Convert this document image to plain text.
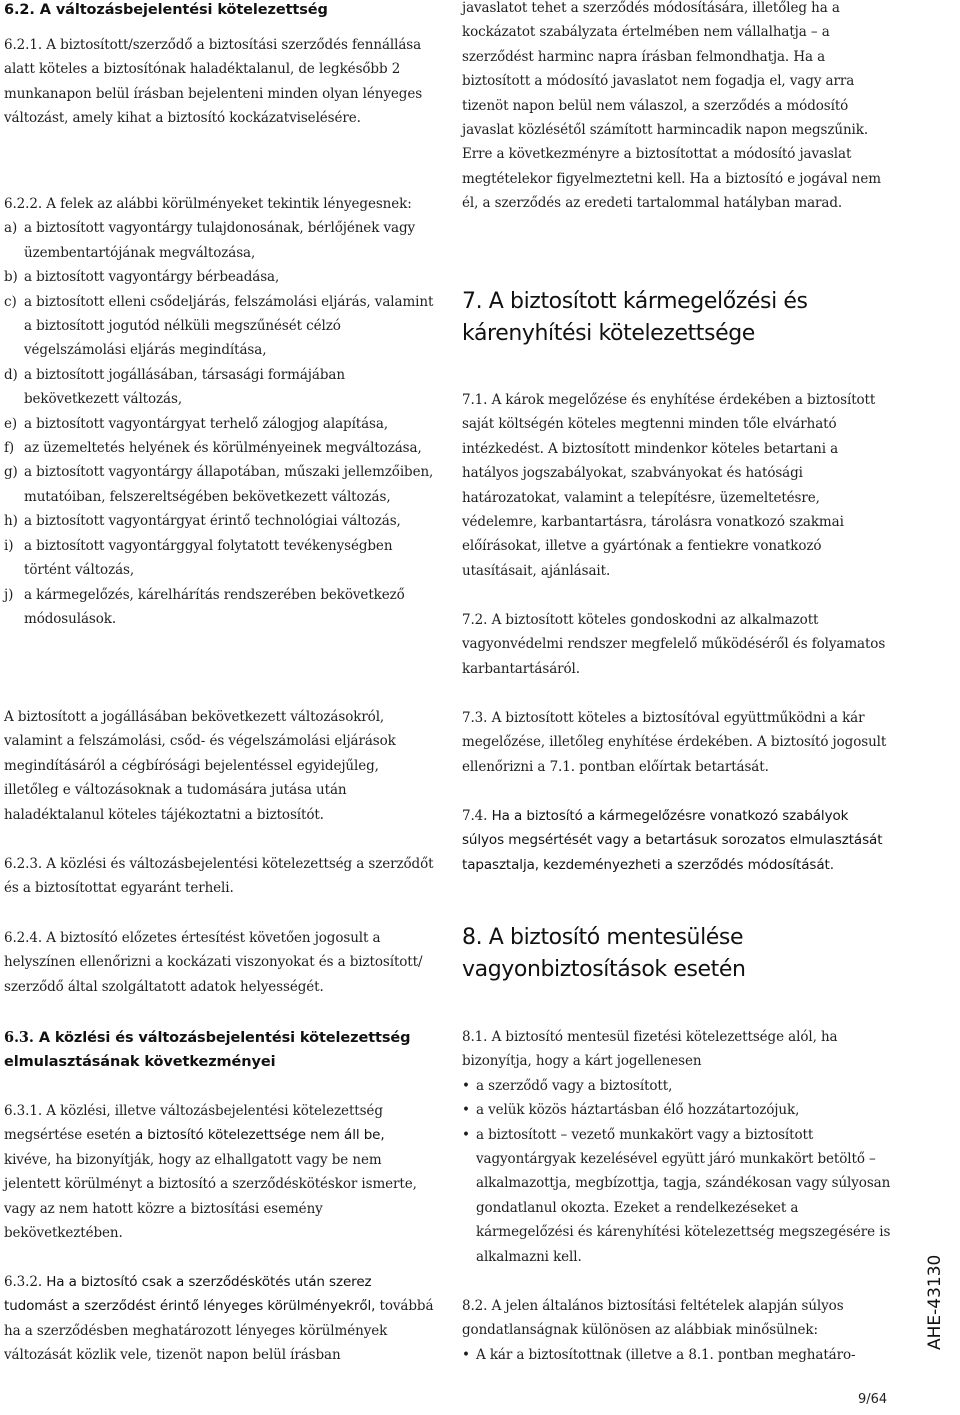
6.2. A változásbejelentési kötelezettség

6.2.1. A biztosított/szerződő a biztosítási szerződés fennállása alatt köteles a biztosítónak haladéktalanul, de legkésőbb 2 munkanapon belül írásban bejelenteni minden olyan lényeges változást, amely kihat a biztosító kockázatviselésére.

6.2.2. A felek az alábbi körülményeket tekintik lényegesnek:

a) a biztosított vagyontárgy tulajdonosának, bérlőjének vagy üzembentartójának megváltozása,
b) a biztosított vagyontárgy bérbeadása,
c) a biztosított elleni csődeljárás, felszámolási eljárás, valamint a biztosított jogutód nélküli megszűnését célzó végelszámolási eljárás megindítása,
d) a biztosított jogállásában, társasági formájában bekövetkezett változás,
e) a biztosított vagyontárgyat terhelő zálogjog alapítása,
f) az üzemeltetés helyének és körülményeinek megváltozása,
g) a biztosított vagyontárgy állapotában, műszaki jellemzőiben, mutatóiban, felszereltségében bekövetkezett változás,
h) a biztosított vagyontárgyat érintő technológiai változás,
i) a biztosított vagyontárggyal folytatott tevékenységben történt változás,
j) a kármegelőzés, kárelhárítás rendszerében bekövetkező módosulások.

A biztosított a jogállásában bekövetkezett változásokról, valamint a felszámolási, csőd- és végelszámolási eljárások megindításáról a cégbírósági bejelentéssel egyidejűleg, illetőleg e változásoknak a tudomására jutása után haladéktalanul köteles tájékoztatni a biztosítót.

6.2.3. A közlési és változásbejelentési kötelezettség a szerződőt és a biztosítottat egyaránt terheli.

6.2.4. A biztosító előzetes értesítést követően jogosult a helyszínen ellenőrizni a kockázati viszonyokat és a biztosított/ szerződő által szolgáltatott adatok helyességét.

6.3. A közlési és változásbejelentési kötelezettség elmulasztásának következményei

6.3.1. A közlési, illetve változásbejelentési kötelezettség megsértése esetén a biztosító kötelezettsége nem áll be, kivéve, ha bizonyítják, hogy az elhallgatott vagy be nem jelentett körülményt a biztosító a szerződéskötéskor ismerte, vagy az nem hatott közre a biztosítási esemény bekövetkeztében.

6.3.2. Ha a biztosító csak a szerződéskötés után szerez tudomást a szerződést érintő lényeges körülményekről, továbbá ha a szerződésben meghatározott lényeges körülmények változását közlik vele, tizenöt napon belül írásban

javaslatot tehet a szerződés módosítására, illetőleg ha a kockázatot szabályzata értelmében nem vállalhatja – a szerződést harminc napra írásban felmondhatja. Ha a biztosított a módosító javaslatot nem fogadja el, vagy arra tizenöt napon belül nem válaszol, a szerződés a módosító javaslat közlésétől számított harmincadik napon megszűnik. Erre a következményre a biztosítottat a módosító javaslat megtételekor figyelmeztetni kell. Ha a biztosító e jogával nem él, a szerződés az eredeti tartalommal hatályban marad.

7. A biztosított kármegelőzési és kárenyhítési kötelezettsége

7.1. A károk megelőzése és enyhítése érdekében a biztosított saját költségén köteles megtenni minden tőle elvárható intézkedést. A biztosított mindenkor köteles betartani a hatályos jogszabályokat, szabványokat és hatósági határozatokat, valamint a telepítésre, üzemeltetésre, védelemre, karbantartásra, tárolásra vonatkozó szakmai előírásokat, illetve a gyártónak a fentiekre vonatkozó utasításait, ajánlásait.

7.2. A biztosított köteles gondoskodni az alkalmazott vagyonvédelmi rendszer megfelelő működéséről és folyamatos karbantartásáról.

7.3. A biztosított köteles a biztosítóval együttműködni a kár megelőzése, illetőleg enyhítése érdekében. A biztosító jogosult ellenőrizni a 7.1. pontban előírtak betartását.

7.4. Ha a biztosító a kármegelőzésre vonatkozó szabályok súlyos megsértését vagy a betartásuk sorozatos elmulasztását tapasztalja, kezdeményezheti a szerződés módosítását.

8. A biztosító mentesülése vagyonbiztosítások esetén

8.1. A biztosító mentesül fizetési kötelezettsége alól, ha bizonyítja, hogy a kárt jogellenesen

• a szerződő vagy a biztosított,
• a velük közös háztartásban élő hozzátartozójuk,
• a biztosított – vezető munkakört vagy a biztosított vagyontárgyak kezelésével együtt járó munkakört betöltő – alkalmazottja, megbízottja, tagja, szándékosan vagy súlyosan gondatlanul okozta. Ezeket a rendelkezéseket a kármegelőzési és kárenyhítési kötelezettség megszegésére is alkalmazni kell.

8.2. A jelen általános biztosítási feltételek alapján súlyos gondatlanságnak különösen az alábbiak minősülnek:

• A kár a biztosítottnak (illetve a 8.1. pontban meghatáro-
AHE-43130
9/64
